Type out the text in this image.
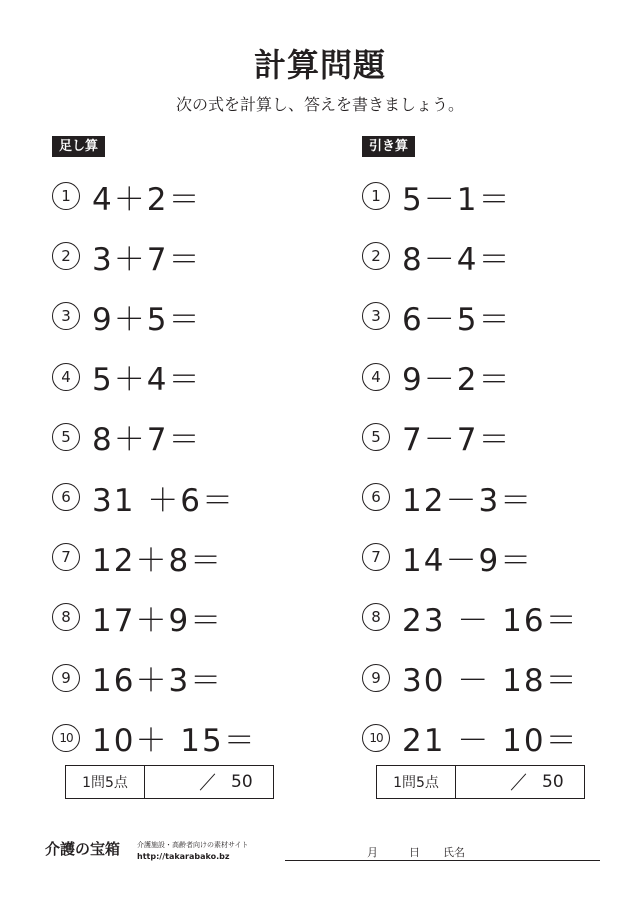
計算問題
次の式を計算し、答えを書きましょう。
足し算
1 4＋2＝
2 3＋7＝
3 9＋5＝
4 5＋4＝
5 8＋7＝
6 31 ＋6＝
7 12＋8＝
8 17＋9＝
9 16＋3＝
10 10＋ 15＝
引き算
1 5－1＝
2 8－4＝
3 6－5＝
4 9－2＝
5 7－7＝
6 12－3＝
7 14－9＝
8 23 － 16＝
9 30 － 18＝
10 21 － 10＝
1問5点	50	1問5点	50
介護の宝箱 介護施設・高齢者向けの素材サイト
http://takarabako.bz	月	日 氏名
